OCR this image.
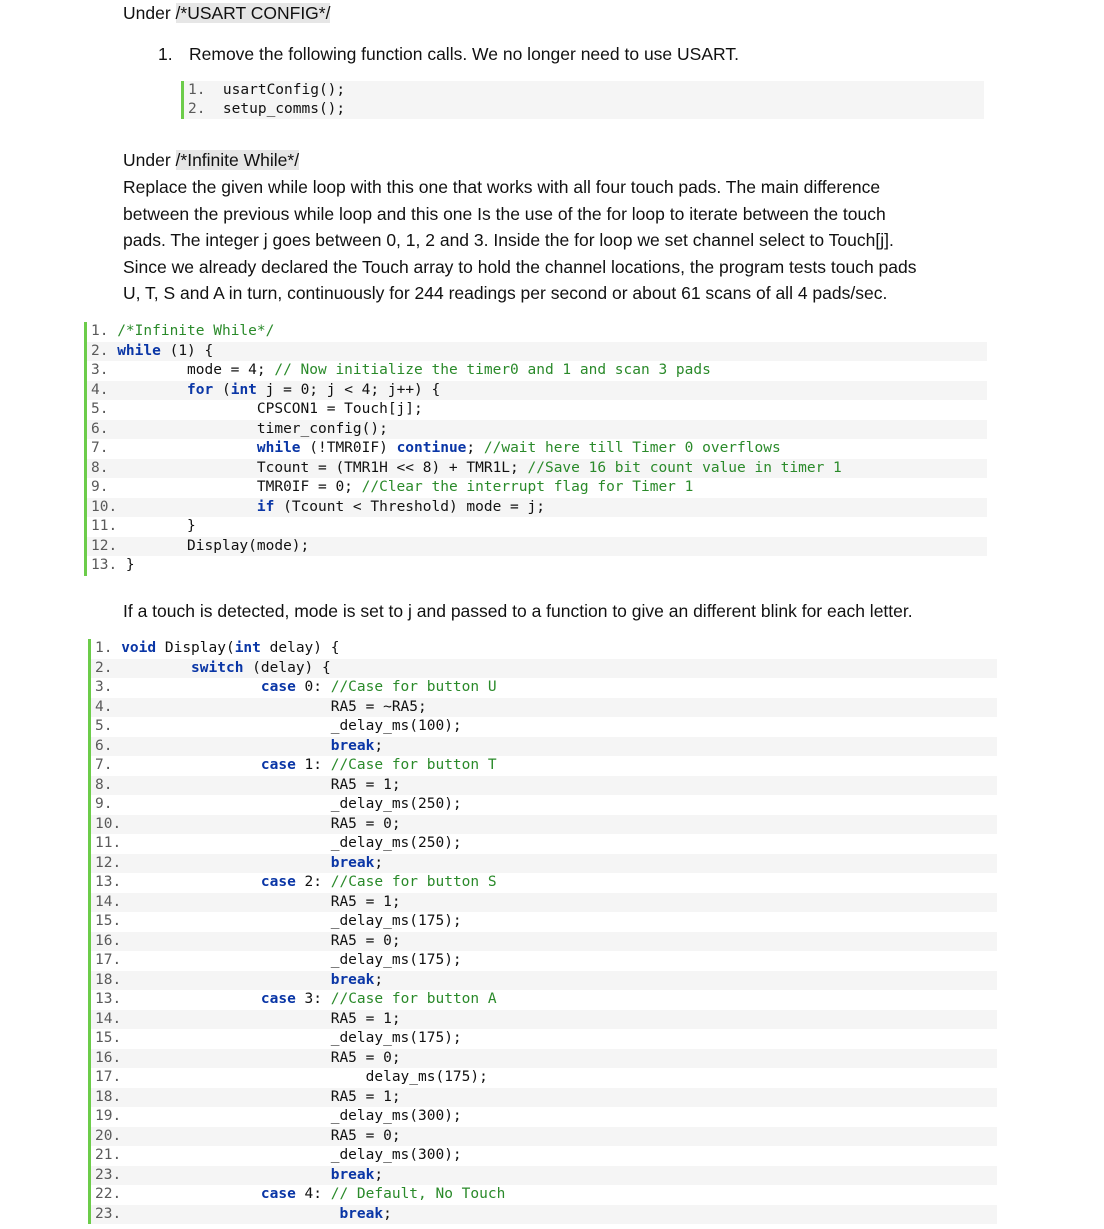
Under /*USART CONFIG*/

1. Remove the following function calls. We no longer need to use USART.
1.  usartConfig();
2.  setup_comms();

Under /*Infinite While*/

Replace the given while loop with this one that works with all four touch pads. The main difference
between the previous while loop and this one Is the use of the for loop to iterate between the touch
pads. The integer j goes between 0, 1, 2 and 3. Inside the for loop we set channel select to Touch[j].
Since we already declared the Touch array to hold the channel locations, the program tests touch pads
U, T, S and A in turn, continuously for 244 readings per second or about 61 scans of all 4 pads/sec.
1. /*Infinite While*/
2. while (1) {
3.         mode = 4; // Now initialize the timer0 and 1 and scan 3 pads
4.	for (int j = 0; j < 4; j++) {
5.                 CPSCON1 = Touch[j];
6.                 timer_config();
7.	while (!TMR0IF) continue; //wait here till Timer 0 overflows
8.                 Tcount = (TMR1H << 8) + TMR1L; //Save 16 bit count value in timer 1
9.                 TMR0IF = 0; //Clear the interrupt flag for Timer 1
10.	if (Tcount < Threshold) mode = j;
11.        }
12.        Display(mode);
13. }

If a touch is detected, mode is set to j and passed to a function to give an different blink for each letter.

1. void Display(int delay) {
2.	switch (delay) {
3.	case 0: //Case for button U
4.                         RA5 = ~RA5;
5.                         _delay_ms(100);
6.	break;
7.	case 1: //Case for button T
8.                         RA5 = 1;
9.                         _delay_ms(250);
10.                        RA5 = 0;
11.                        _delay_ms(250);
12.	break;
13.	case 2: //Case for button S
14.                        RA5 = 1;
15.                        _delay_ms(175);
16.                        RA5 = 0;
17.                        _delay_ms(175);
18.	break;
13.	case 3: //Case for button A
14.                        RA5 = 1;
15.                        _delay_ms(175);
16.                        RA5 = 0;
17.                            delay_ms(175);
18.                        RA5 = 1;
19.                        _delay_ms(300);
20.                        RA5 = 0;
21.                        _delay_ms(300);
23.	break;
22.	case 4: // Default, No Touch
23.	break;
